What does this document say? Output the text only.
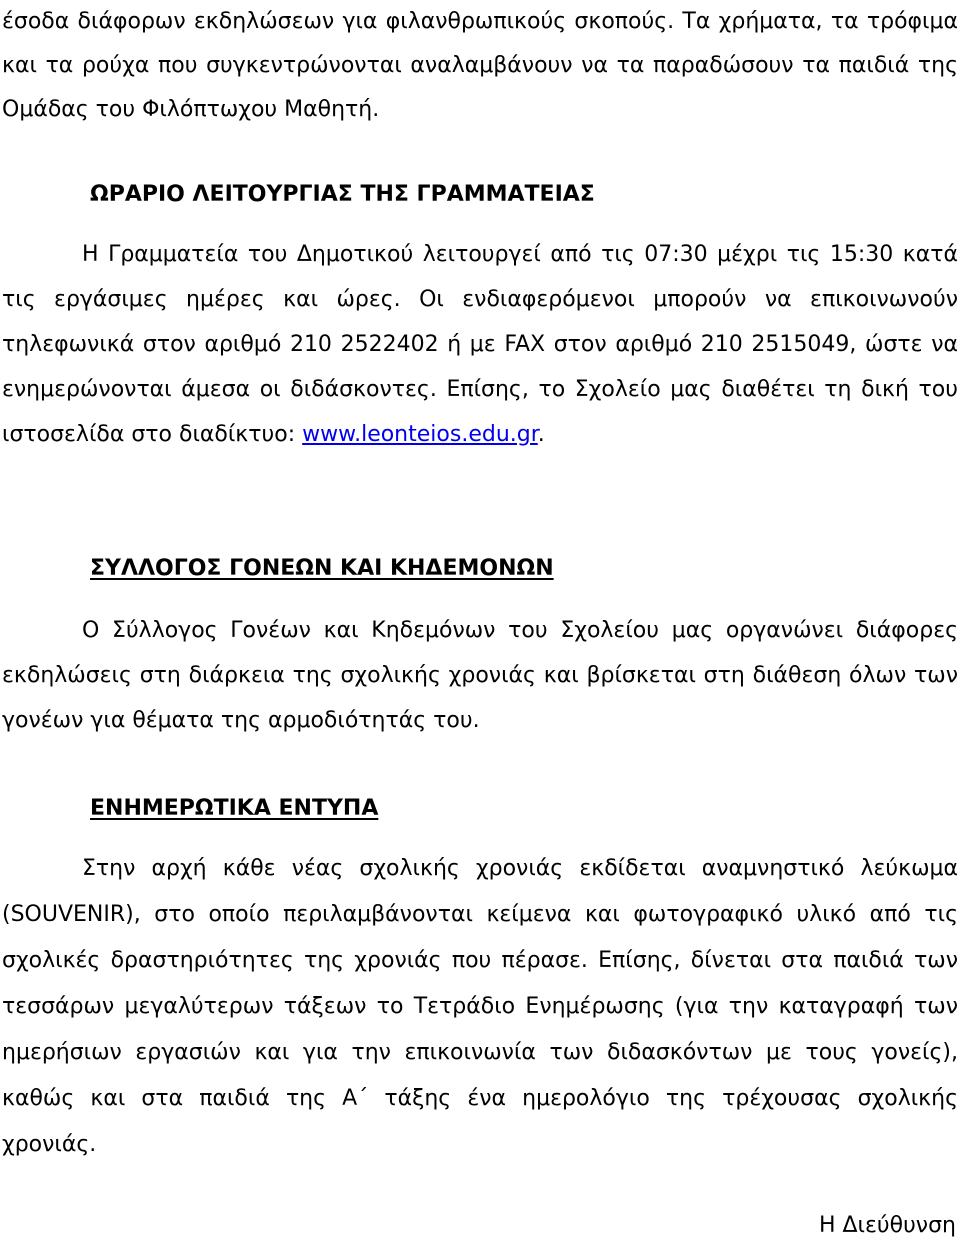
έσοδα διάφορων εκδηλώσεων για φιλανθρωπικούς σκοπούς. Τα χρήματα, τα τρόφιμα και τα ρούχα που συγκεντρώνονται αναλαμβάνουν να τα παραδώσουν τα παιδιά της Ομάδας του Φιλόπτωχου Μαθητή.

ΩΡΑΡΙΟ ΛΕΙΤΟΥΡΓΙΑΣ ΤΗΣ ΓΡΑΜΜΑΤΕΙΑΣ

Η Γραμματεία του Δημοτικού λειτουργεί από τις 07:30 μέχρι τις 15:30 κατά τις εργάσιμες ημέρες και ώρες. Οι ενδιαφερόμενοι μπορούν να επικοινωνούν τηλεφωνικά στον αριθμό 210 2522402 ή με FAX στον αριθμό 210 2515049, ώστε να ενημερώνονται άμεσα οι διδάσκοντες. Επίσης, το Σχολείο μας διαθέτει τη δική του ιστοσελίδα στο διαδίκτυο: www.leonteios.edu.gr.

ΣΥΛΛΟΓΟΣ ΓΟΝΕΩΝ ΚΑΙ ΚΗΔΕΜΟΝΩΝ

Ο Σύλλογος Γονέων και Κηδεμόνων του Σχολείου μας οργανώνει διάφορες εκδηλώσεις στη διάρκεια της σχολικής χρονιάς και βρίσκεται στη διάθεση όλων των γονέων για θέματα της αρμοδιότητάς του.

ΕΝΗΜΕΡΩΤΙΚΑ ΕΝΤΥΠΑ

Στην αρχή κάθε νέας σχολικής χρονιάς εκδίδεται αναμνηστικό λεύκωμα (SOUVENIR), στο οποίο περιλαμβάνονται κείμενα και φωτογραφικό υλικό από τις σχολικές δραστηριότητες της χρονιάς που πέρασε. Επίσης, δίνεται στα παιδιά των τεσσάρων μεγαλύτερων τάξεων το Τετράδιο Ενημέρωσης (για την καταγραφή των ημερήσιων εργασιών και για την επικοινωνία των διδασκόντων με τους γονείς), καθώς και στα παιδιά της Α΄ τάξης ένα ημερολόγιο της τρέχουσας σχολικής χρονιάς.

Η Διεύθυνση
